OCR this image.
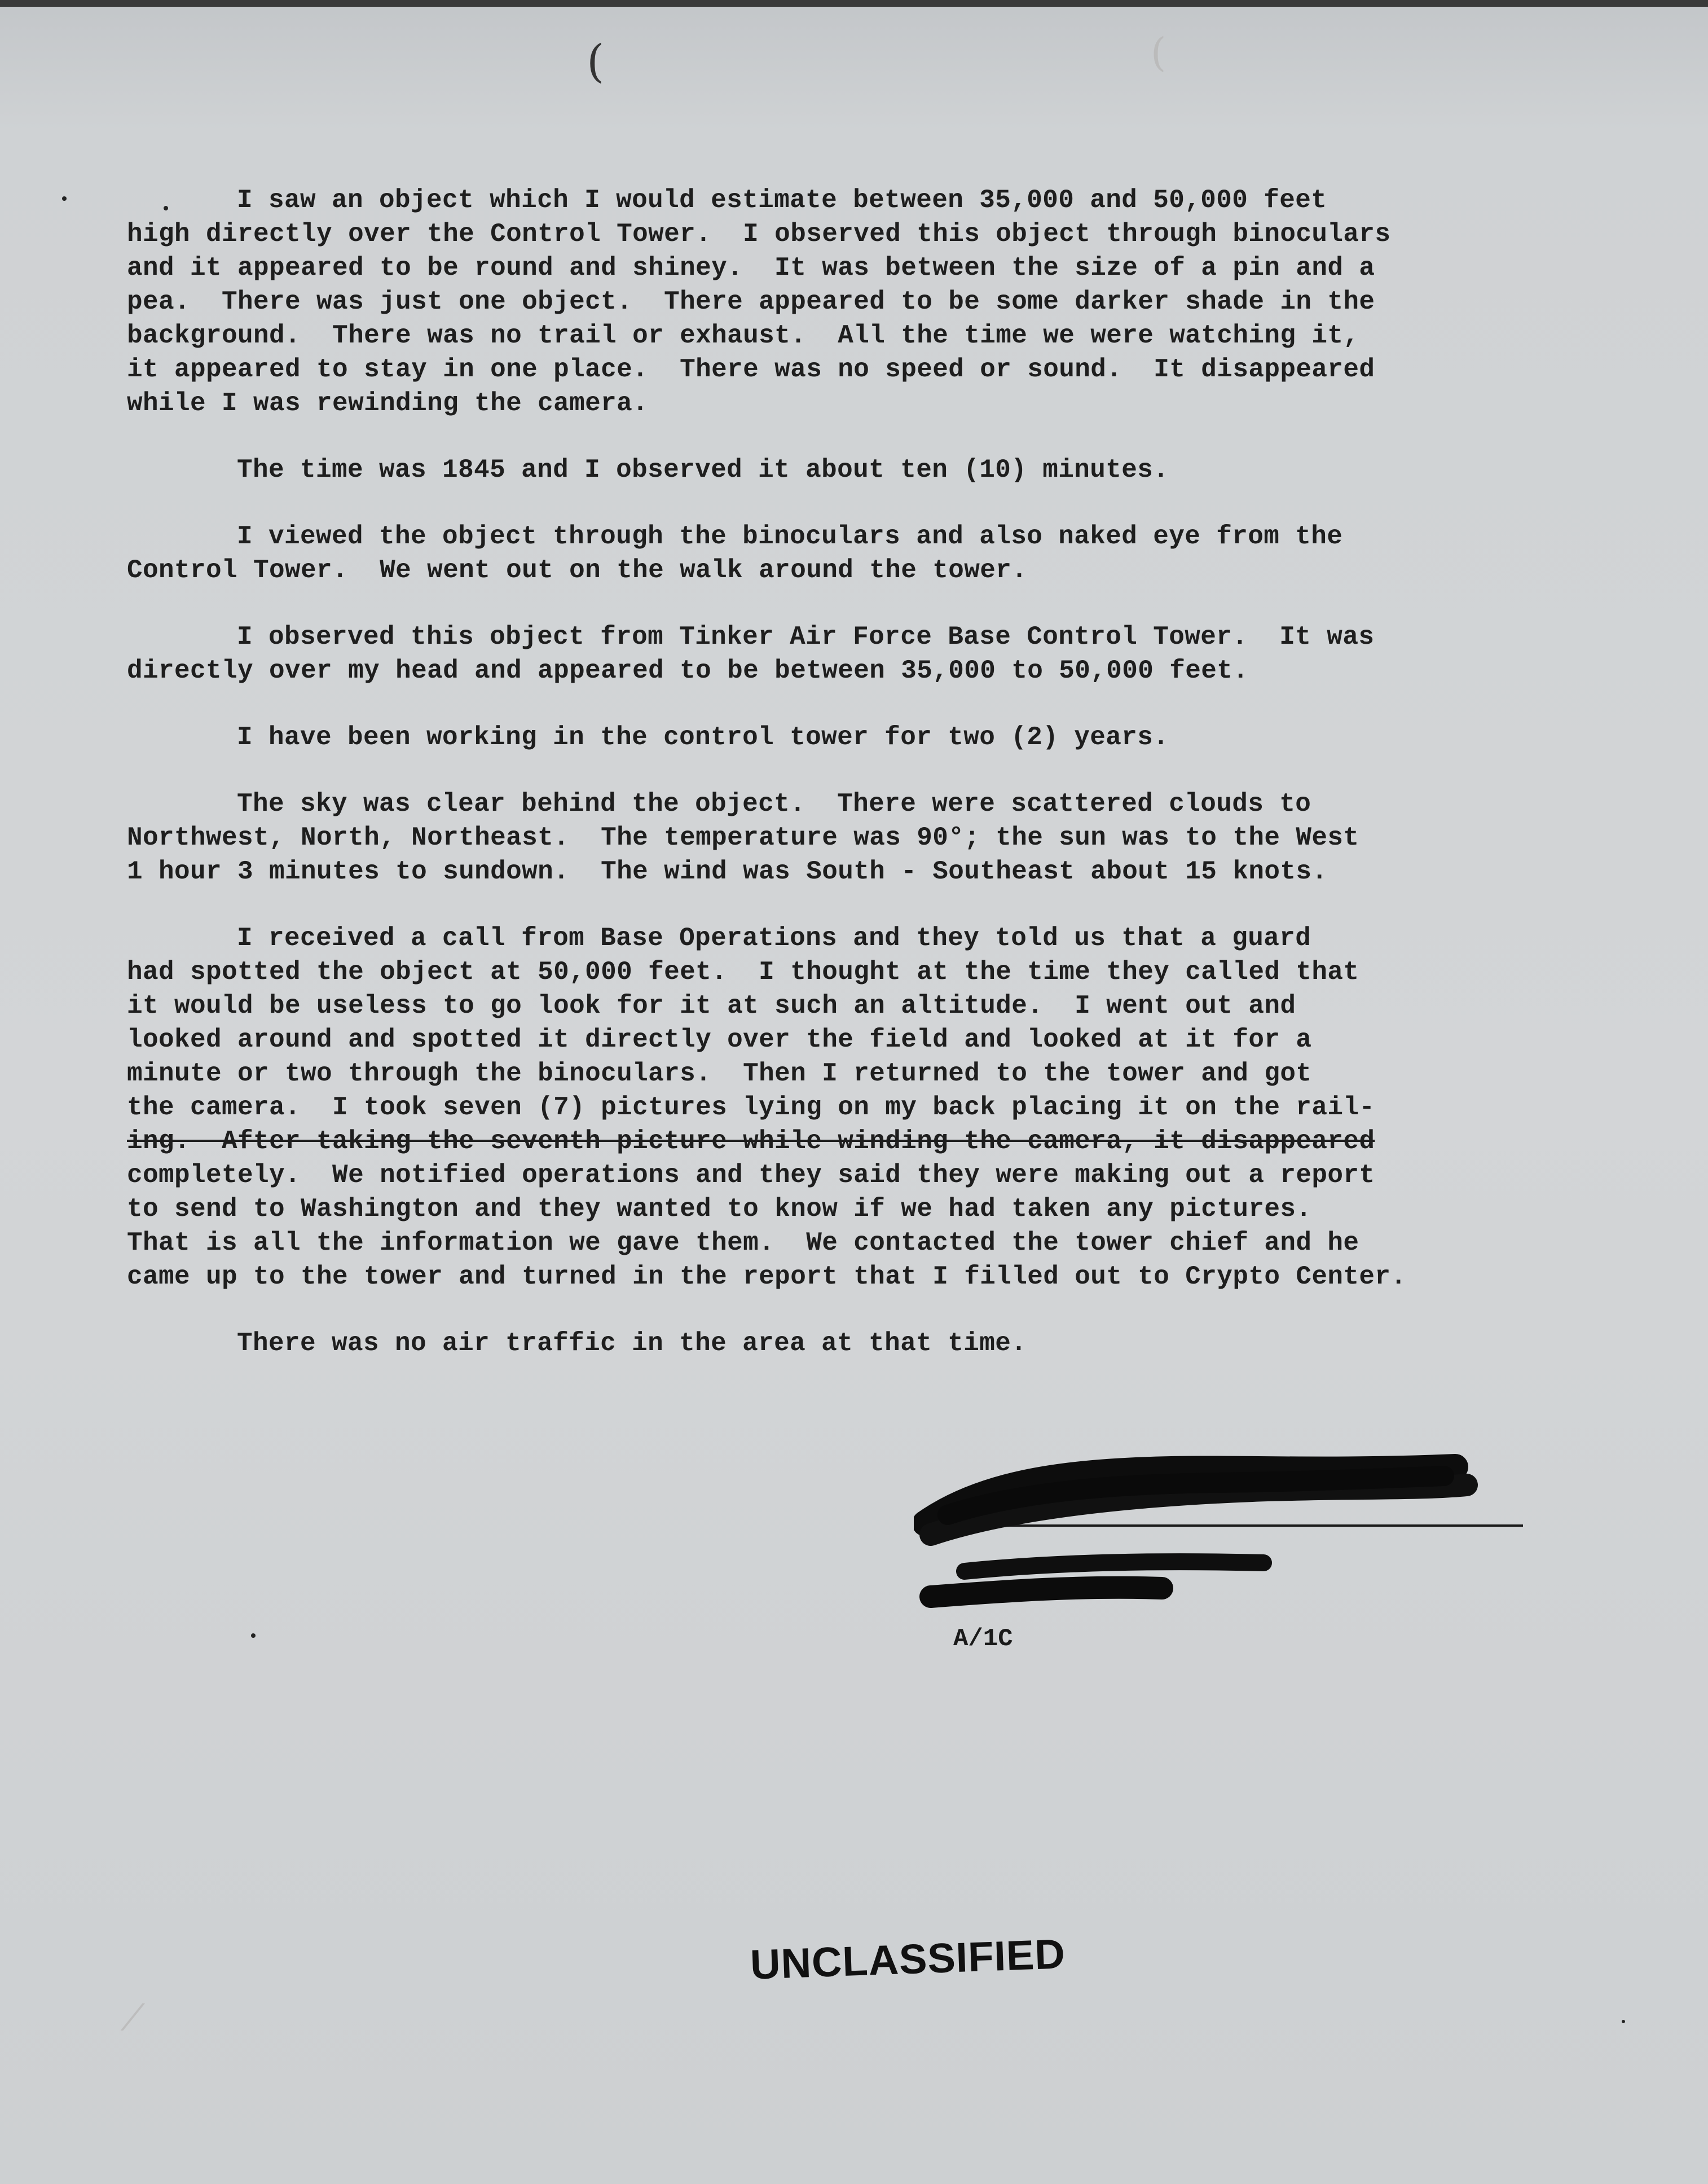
(	(
I saw an object which I would estimate between 35,000 and 50,000 feet
high directly over the Control Tower.  I observed this object through binoculars
and it appeared to be round and shiney.  It was between the size of a pin and a
pea.  There was just one object.  There appeared to be some darker shade in the
background.  There was no trail or exhaust.  All the time we were watching it,
it appeared to stay in one place.  There was no speed or sound.  It disappeared
while I was rewinding the camera.
The time was 1845 and I observed it about ten (10) minutes.
I viewed the object through the binoculars and also naked eye from the
Control Tower.  We went out on the walk around the tower.
I observed this object from Tinker Air Force Base Control Tower.  It was
directly over my head and appeared to be between 35,000 to 50,000 feet.
I have been working in the control tower for two (2) years.
The sky was clear behind the object.  There were scattered clouds to
Northwest, North, Northeast.  The temperature was 90°; the sun was to the West
1 hour 3 minutes to sundown.  The wind was South - Southeast about 15 knots.
I received a call from Base Operations and they told us that a guard
had spotted the object at 50,000 feet.  I thought at the time they called that
it would be useless to go look for it at such an altitude.  I went out and
looked around and spotted it directly over the field and looked at it for a
minute or two through the binoculars.  Then I returned to the tower and got
the camera.  I took seven (7) pictures lying on my back placing it on the rail-
ing.  After taking the seventh picture while winding the camera, it disappeared
completely.  We notified operations and they said they were making out a report
to send to Washington and they wanted to know if we had taken any pictures.
That is all the information we gave them.  We contacted the tower chief and he
came up to the tower and turned in the report that I filled out to Crypto Center.
There was no air traffic in the area at that time.
A/1C
UNCLASSIFIED
⁄
